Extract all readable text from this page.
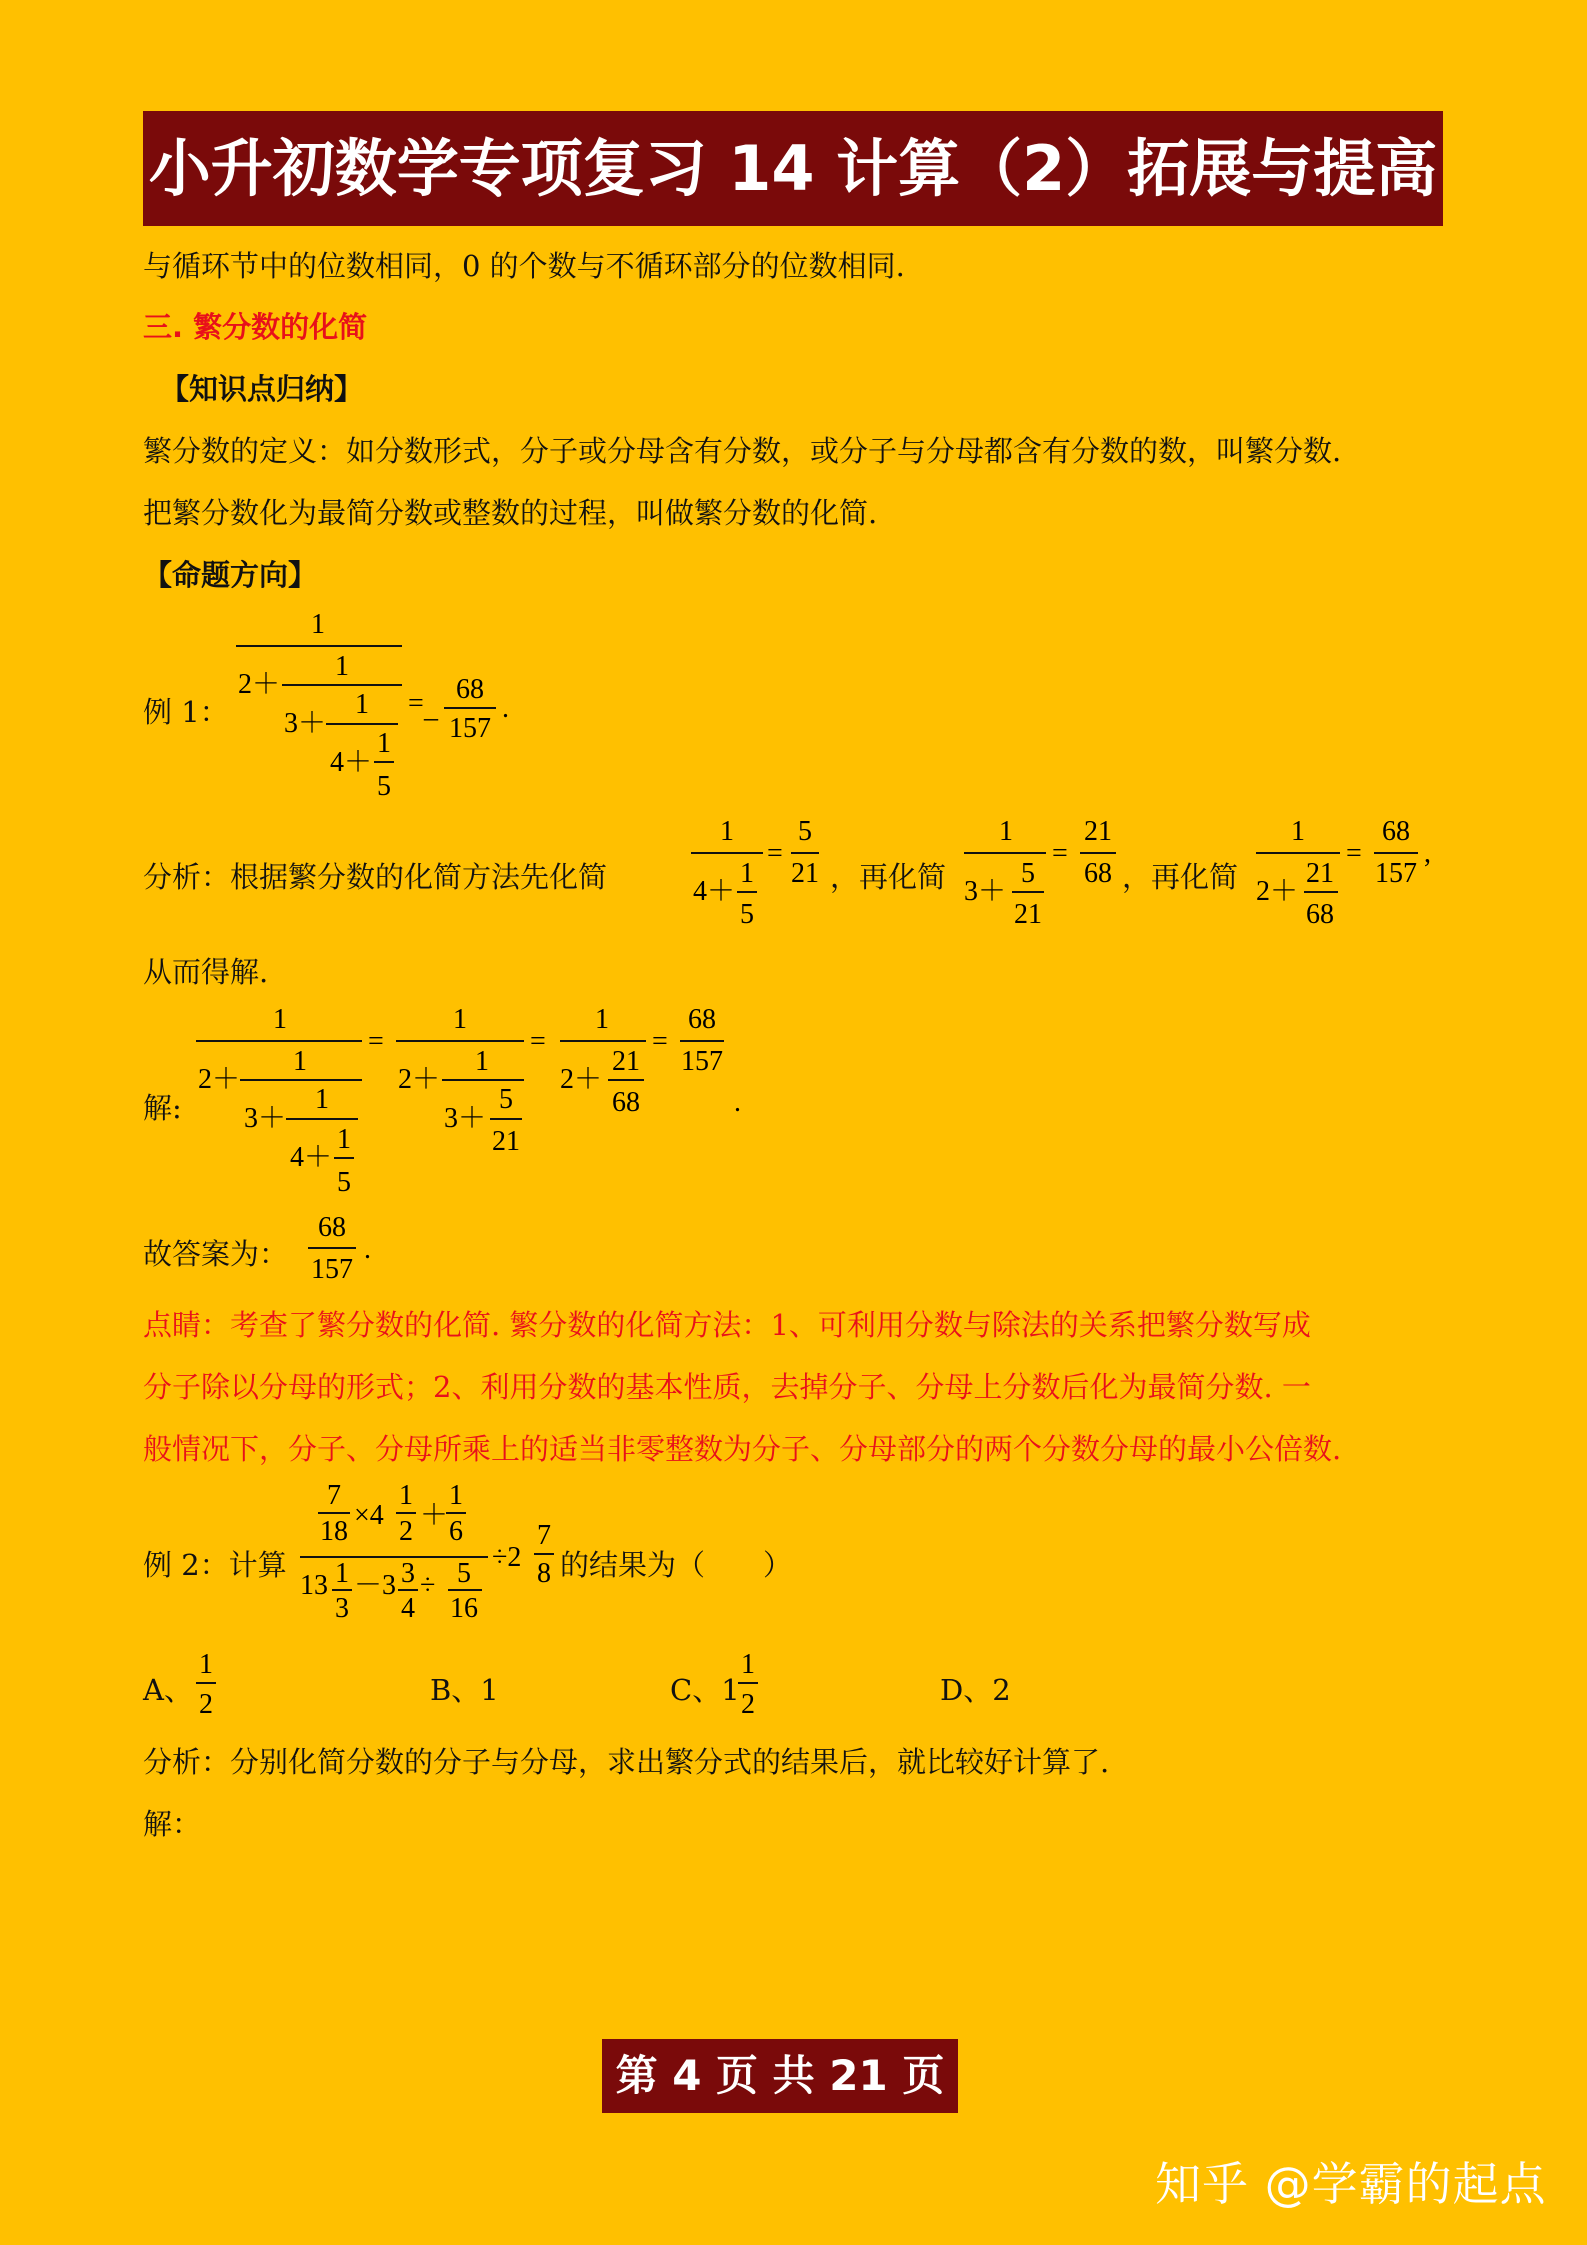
小升初数学专项复习 14 计算（2）拓展与提高
与循环节中的位数相同，0 的个数与不循环部分的位数相同.
三. 繁分数的化简
【知识点归纳】
繁分数的定义：如分数形式，分子或分母含有分数，或分子与分母都含有分数的数，叫繁分数.
把繁分数化为最简分数或整数的过程，叫做繁分数的化简.
【命题方向】
例 1：
1
2＋
1
3＋
1
4＋
1
5
= _
68
157
.
分析：根据繁分数的化简方法先化简
1
4＋
1
5
=
5
21 ，再化简
1
3＋
5
21
=
21
68 ，再化简
1
2＋
21
68
=
68
157
,
从而得解.
解:
1
2＋
1
3＋
1
4＋
1
5
=
1
2＋
1
3＋
5
21
=
1
2＋
21
68
=
68
157
.
故答案为：
68
157
.
点睛：考查了繁分数的化简. 繁分数的化简方法：1、可利用分数与除法的关系把繁分数写成
分子除以分母的形式；2、利用分数的基本性质，去掉分子、分母上分数后化为最简分数. 一
般情况下，分子、分母所乘上的适当非零整数为分子、分母部分的两个分数分母的最小公倍数.
例 2：计算
7
18
×4
1
2
＋
1
6
13 1
3
－3 3
4
÷ 5
16
÷2
7
8 的结果为（　　）
A、
1
2	B、1	C、1
1
2	D、2
分析：分别化简分数的分子与分母，求出繁分式的结果后，就比较好计算了.
解：
第 4 页 共 21 页
知乎 @学霸的起点
